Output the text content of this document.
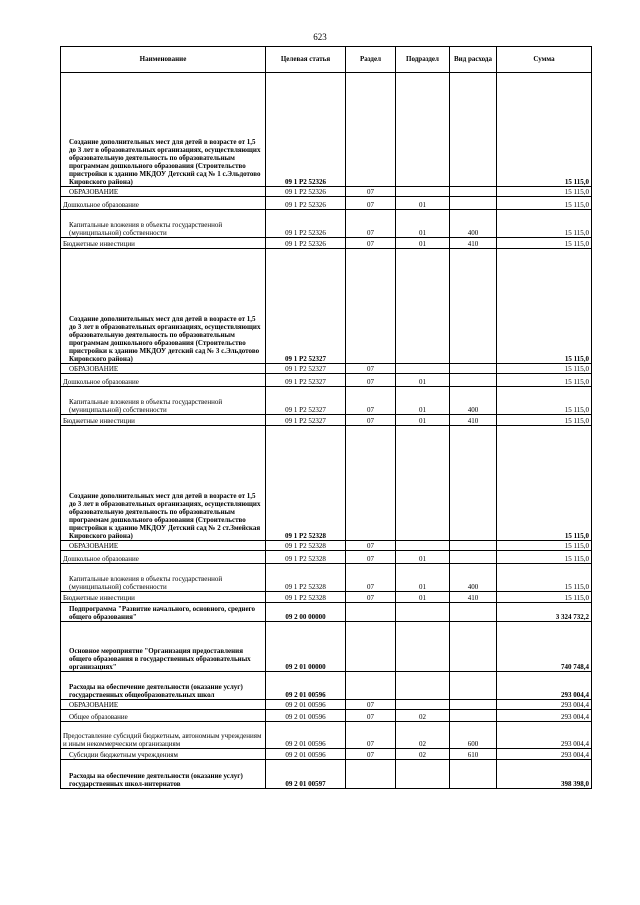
623
Наименование	Целевая статья	Раздел	Подраздел	Вид расхода	Сумма
Создание дополнительных мест для детей в возрасте от 1,5 до 3 лет в образовательных организациях, осуществляющих образовательную деятельность по образовательным программам дошкольного образования (Строительство пристройки к зданию МКДОУ Детский сад № 1 с.Эльдотово Кировского района)	09 1 P2 52326				15 115,0
ОБРАЗОВАНИЕ	09 1 P2 52326	07			15 115,0
Дошкольное образование	09 1 P2 52326	07	01		15 115,0
Капитальные вложения в объекты государственной (муниципальной) собственности	09 1 P2 52326	07	01	400	15 115,0
Бюджетные инвестиции	09 1 P2 52326	07	01	410	15 115,0
Создание дополнительных мест для детей в возрасте от 1,5 до 3 лет в образовательных организациях, осуществляющих образовательную деятельность по образовательным программам дошкольного образования (Строительство пристройки к зданию МКДОУ детский сад № 3 с.Эльдотово Кировского района)	09 1 P2 52327				15 115,0
ОБРАЗОВАНИЕ	09 1 P2 52327	07			15 115,0
Дошкольное образование	09 1 P2 52327	07	01		15 115,0
Капитальные вложения в объекты государственной (муниципальной) собственности	09 1 P2 52327	07	01	400	15 115,0
Бюджетные инвестиции	09 1 P2 52327	07	01	410	15 115,0
Создание дополнительных мест для детей в возрасте от 1,5 до 3 лет в образовательных организациях, осуществляющих образовательную деятельность по образовательным программам дошкольного образования (Строительство пристройки к зданию МКДОУ Детский сад № 2 ст.Змейская Кировского района)	09 1 P2 52328				15 115,0
ОБРАЗОВАНИЕ	09 1 P2 52328	07			15 115,0
Дошкольное образование	09 1 P2 52328	07	01		15 115,0
Капитальные вложения в объекты государственной (муниципальной) собственности	09 1 P2 52328	07	01	400	15 115,0
Бюджетные инвестиции	09 1 P2 52328	07	01	410	15 115,0
Подпрограмма "Развитие начального, основного, среднего общего образования"	09 2 00 00000				3 324 732,2
Основное мероприятие "Организация предоставления общего образования в государственных образовательных организациях"	09 2 01 00000				740 748,4
Расходы на обеспечение деятельности (оказание услуг) государственных общеобразовательных школ	09 2 01 00596				293 004,4
ОБРАЗОВАНИЕ	09 2 01 00596	07			293 004,4
Общее образование	09 2 01 00596	07	02		293 004,4
Предоставление субсидий бюджетным, автономным учреждениям и иным некоммерческим организациям	09 2 01 00596	07	02	600	293 004,4
Субсидии бюджетным учреждениям	09 2 01 00596	07	02	610	293 004,4
Расходы на обеспечение деятельности (оказание услуг) государственных школ-интернатов	09 2 01 00597				398 398,0
